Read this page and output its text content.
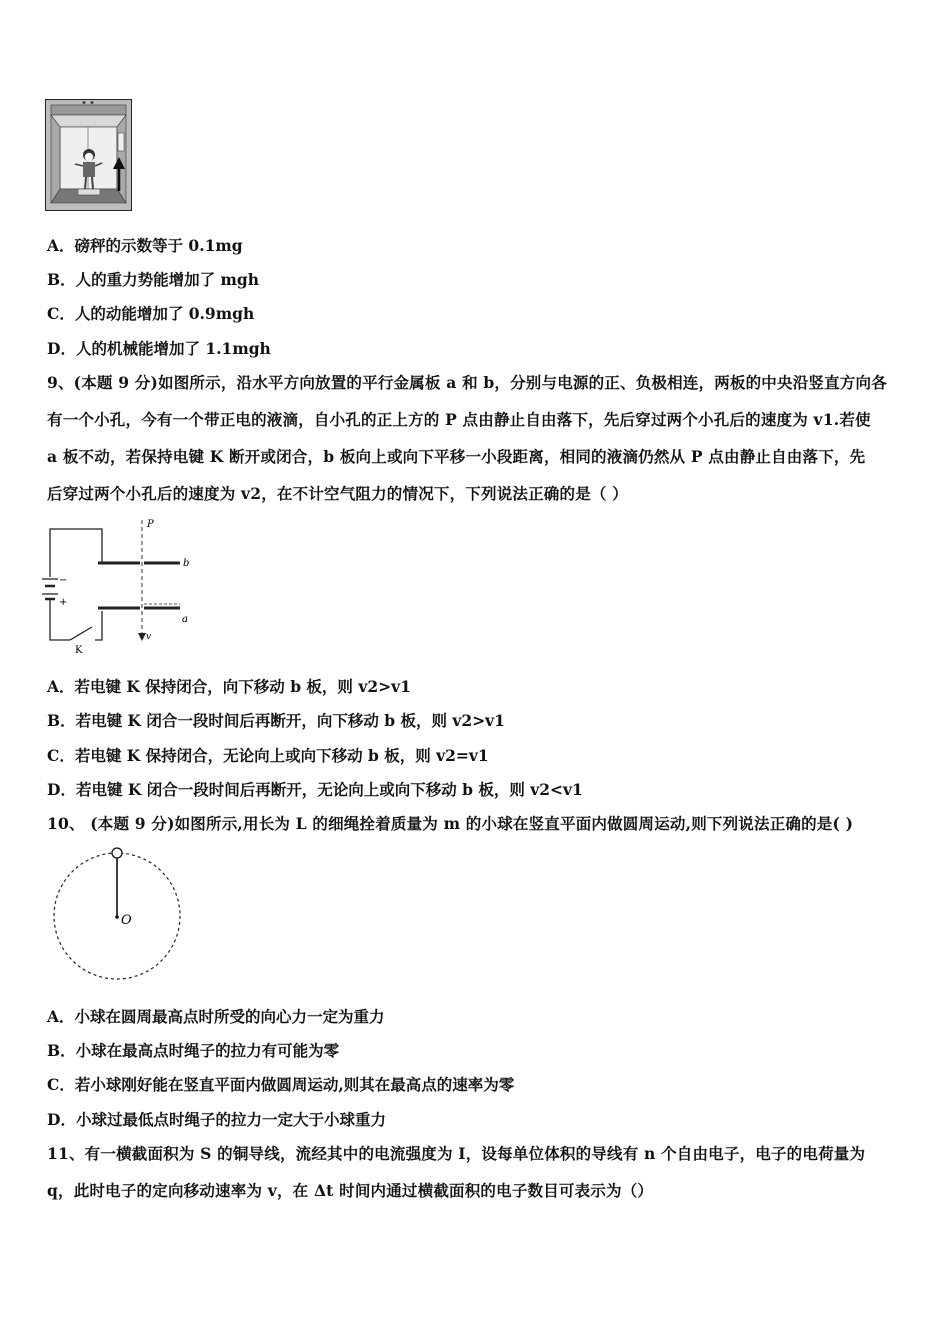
A．磅秤的示数等于 0.1mg
B．人的重力势能增加了 mgh
C．人的动能增加了 0.9mgh
D．人的机械能增加了 1.1mgh
9、(本题 9 分)如图所示，沿水平方向放置的平行金属板 a 和 b，分别与电源的正、负极相连，两板的中央沿竖直方向各
有一个小孔，今有一个带正电的液滴，自小孔的正上方的 P 点由静止自由落下，先后穿过两个小孔后的速度为 v1.若使
a 板不动，若保持电键 K 断开或闭合，b 板向上或向下平移一小段距离，相同的液滴仍然从 P 点由静止自由落下，先
后穿过两个小孔后的速度为 v2，在不计空气阻力的情况下，下列说法正确的是（ ）
P
b
a
v
K
−
+
A．若电键 K 保持闭合，向下移动 b 板，则 v2>v1
B．若电键 K 闭合一段时间后再断开，向下移动 b 板，则 v2>v1
C．若电键 K 保持闭合，无论向上或向下移动 b 板，则 v2=v1
D．若电键 K 闭合一段时间后再断开，无论向上或向下移动 b 板，则 v2<v1
10、 (本题 9 分)如图所示,用长为 L 的细绳拴着质量为 m 的小球在竖直平面内做圆周运动,则下列说法正确的是( )
O
A．小球在圆周最高点时所受的向心力一定为重力
B．小球在最高点时绳子的拉力有可能为零
C．若小球刚好能在竖直平面内做圆周运动,则其在最高点的速率为零
D．小球过最低点时绳子的拉力一定大于小球重力
11、有一横截面积为 S 的铜导线，流经其中的电流强度为 I，设每单位体积的导线有 n 个自由电子，电子的电荷量为
q，此时电子的定向移动速率为 v，在 Δt 时间内通过横截面积的电子数目可表示为（）
